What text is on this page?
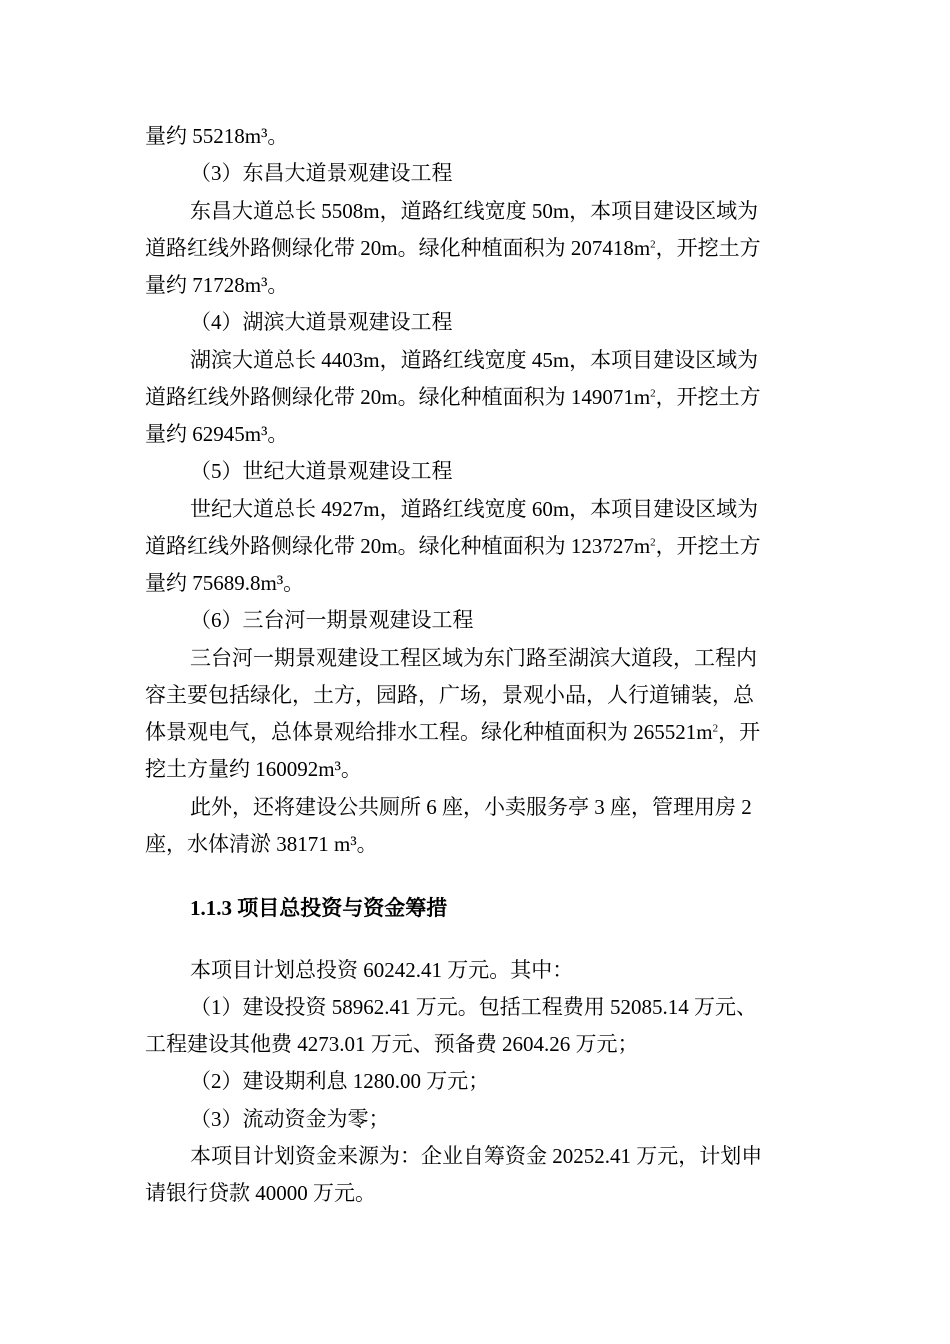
量约 55218m³。
（3）东昌大道景观建设工程
东昌大道总长 5508m，道路红线宽度 50m，本项目建设区域为
道路红线外路侧绿化带 20m。绿化种植面积为 $207418m^2$，开挖土方
量约 71728m³。
（4）湖滨大道景观建设工程
湖滨大道总长 4403m，道路红线宽度 45m，本项目建设区域为
道路红线外路侧绿化带 20m。绿化种植面积为 $149071m^2$，开挖土方
量约 62945m³。
（5）世纪大道景观建设工程
世纪大道总长 4927m，道路红线宽度 60m，本项目建设区域为
道路红线外路侧绿化带 20m。绿化种植面积为 $123727m^2$，开挖土方
量约 75689.8m³。
（6）三台河一期景观建设工程
三台河一期景观建设工程区域为东门路至湖滨大道段，工程内
容主要包括绿化，土方，园路，广场，景观小品，人行道铺装，总
体景观电气，总体景观给排水工程。绿化种植面积为 $265521m^2$，开
挖土方量约 160092m³。
此外，还将建设公共厕所 6 座，小卖服务亭 3 座，管理用房 2
座，水体清淤 38171 m³。
1.1.3 项目总投资与资金筹措
本项目计划总投资 60242.41 万元。其中：
（1）建设投资 58962.41 万元。包括工程费用 52085.14 万元、
工程建设其他费 4273.01 万元、预备费 2604.26 万元；
（2）建设期利息 1280.00 万元；
（3）流动资金为零；
本项目计划资金来源为：企业自筹资金 20252.41 万元，计划申
请银行贷款 40000 万元。
